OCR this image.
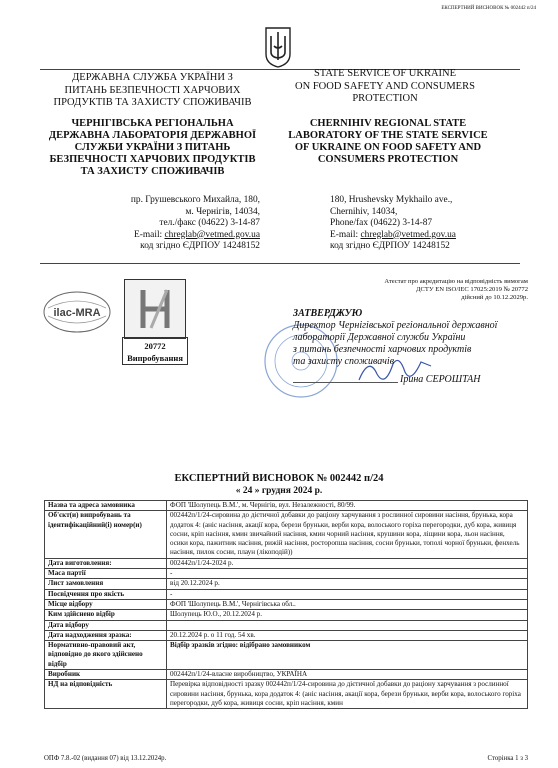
ЕКСПЕРТНИЙ ВИСНОВОК № 002442 п/24
ДЕРЖАВНА СЛУЖБА УКРАЇНИ З
ПИТАНЬ БЕЗПЕЧНОСТІ ХАРЧОВИХ
ПРОДУКТІВ ТА ЗАХИСТУ СПОЖИВАЧІВ
ЧЕРНІГІВСЬКА РЕГІОНАЛЬНА
ДЕРЖАВНА ЛАБОРАТОРІЯ ДЕРЖАВНОЇ
СЛУЖБИ УКРАЇНИ З ПИТАНЬ
БЕЗПЕЧНОСТІ ХАРЧОВИХ ПРОДУКТІВ
ТА ЗАХИСТУ СПОЖИВАЧІВ
пр. Грушевського Михайла, 180,
м. Чернігів, 14034,
тел./факс (04622) 3-14-87
E-mail: chreglab@vetmed.gov.ua
код згідно ЄДРПОУ 14248152
STATE SERVICE OF UKRAINE
ON FOOD SAFETY AND CONSUMERS
PROTECTION
CHERNIHIV REGIONAL STATE
LABORATORY OF THE STATE SERVICE
OF UKRAINE ON FOOD SAFETY AND
CONSUMERS PROTECTION
180, Hrushevsky Mykhailo ave.,
Chernihiv, 14034,
Phone/fax (04622) 3-14-87
E-mail: chreglab@vetmed.gov.ua
код згідно ЄДРПОУ 14248152
Атестат про акредитацію на відповідність вимогам
ДСТУ EN ISO/IEC 17025:2019 № 20772
дійсний до 10.12.2029р.
ilac-MRA
20772
Випробування
ЗАТВЕРДЖУЮ
Директор Чернігівської регіональної державної
лабораторії Державної служби України
з питань безпечності харчових продуктів
та захисту споживачів
Ірина СЕРОШТАН
ЕКСПЕРТНИЙ ВИСНОВОК № 002442 п/24
« 24 » грудня 2024 р.
Назва та адреса замовника	ФОП 'Шолупець В.М.', м. Чернігів, вул. Незалежності, 80/99.
Об'єкт(и) випробувань та ідентифікаційний(і) номер(и)	002442п/1/24-сировина до дієтичної добавки до раціону харчування з рослинної сировини насіння, брунька, кора додаток 4: (аніс насіння, акації кора, берези бруньки, верби кора, волоського горіха перегородки, дуб кора, живиця сосни, кріп насіння, кмин звичайний насіння, кмин чорний насіння, крушини кора, ліщини кора, льон насіння, осики кора, пажитник насіння, рижій насіння, росторопша насіння, сосни бруньки, тополі чорної бруньки, фенхель насіння, пилок сосни, плаун (лікоподій))
Дата виготовлення:	002442п/1/24-2024 р.
Маса партії	-
Лист замовлення	від 20.12.2024 р.
Посвідчення про якість	-
Місце відбору	ФОП 'Шолупець В.М.', Чернігівська обл..
Ким здійснено відбір	Шолупець Ю.О., 20.12.2024 р.
Дата відбору	
Дата надходження зразка:	20.12.2024 р. о 11 год. 54 хв.
Нормативно-правовий акт, відповідно до якого здійснено відбір	Відбір зразків згідно: відібрано замовником
Виробник	002442п/1/24-власне виробництво, УКРАЇНА
НД на відповідність	Перевірка відповідності зразку 002442п/1/24-сировина до дієтичної добавки до раціону харчування з рослинної сировини насіння, брунька, кора додаток 4: (аніс насіння, акації кора, берези бруньки, верби кора, волоського горіха перегородки, дуб кора, живиця сосни, кріп насіння, кмин
ОПФ 7.8.-02 (видання 07) від 13.12.2024р.	Сторінка 1 з 3
